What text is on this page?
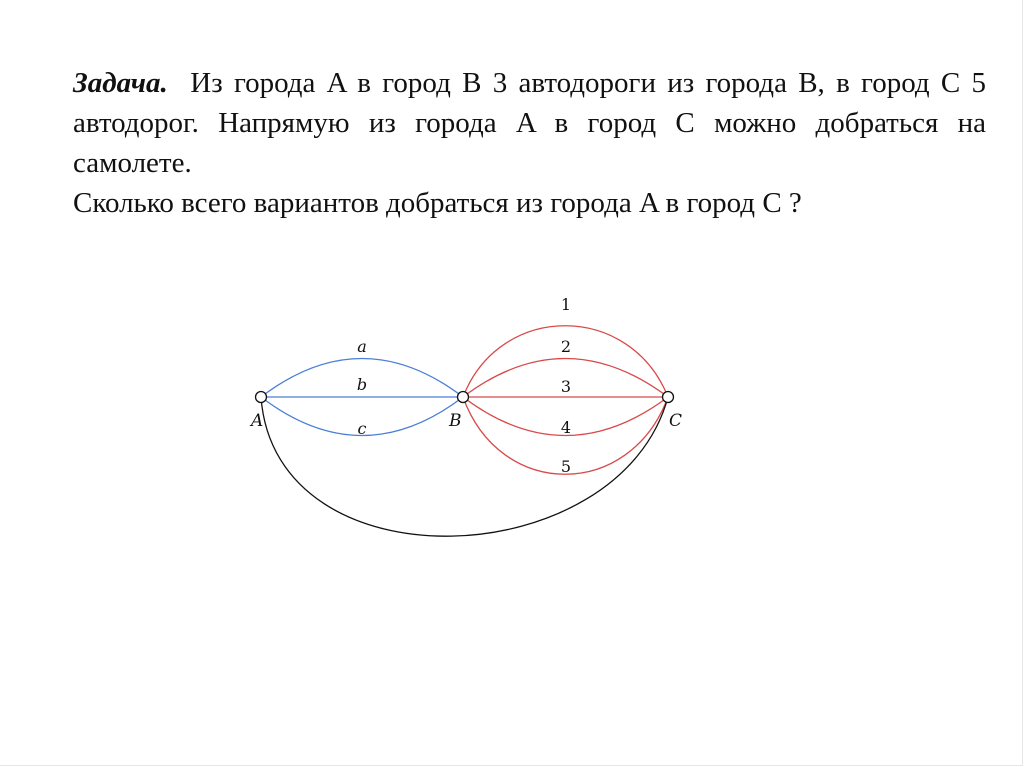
Задача. Из города A в город B 3 автодороги из города B, в город C 5 автодорог. Напрямую из города A в город C можно добраться на самолете.

Сколько всего вариантов добраться из города A в город C ?

a
b
c
1
2
3
4
5
A	B	C
